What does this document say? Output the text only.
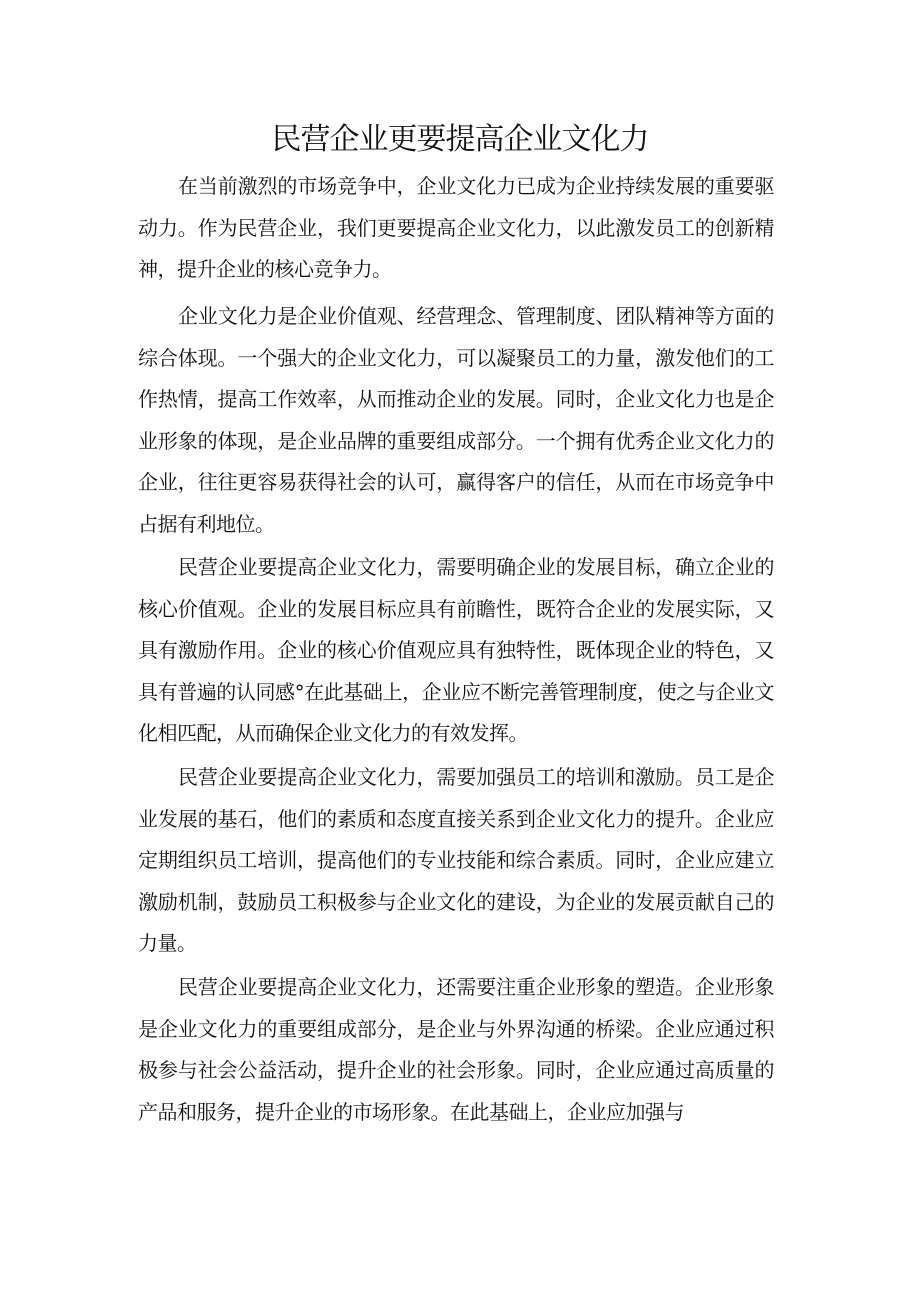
民营企业更要提高企业文化力

在当前激烈的市场竞争中，企业文化力已成为企业持续发展的重要驱动力。作为民营企业，我们更要提高企业文化力，以此激发员工的创新精神，提升企业的核心竞争力。

企业文化力是企业价值观、经营理念、管理制度、团队精神等方面的综合体现。一个强大的企业文化力，可以凝聚员工的力量，激发他们的工作热情，提高工作效率，从而推动企业的发展。同时，企业文化力也是企业形象的体现，是企业品牌的重要组成部分。一个拥有优秀企业文化力的企业，往往更容易获得社会的认可，赢得客户的信任，从而在市场竞争中占据有利地位。

民营企业要提高企业文化力，需要明确企业的发展目标，确立企业的核心价值观。企业的发展目标应具有前瞻性，既符合企业的发展实际，又具有激励作用。企业的核心价值观应具有独特性，既体现企业的特色，又具有普遍的认同感°在此基础上，企业应不断完善管理制度，使之与企业文化相匹配，从而确保企业文化力的有效发挥。

民营企业要提高企业文化力，需要加强员工的培训和激励。员工是企业发展的基石，他们的素质和态度直接关系到企业文化力的提升。企业应定期组织员工培训，提高他们的专业技能和综合素质。同时，企业应建立激励机制，鼓励员工积极参与企业文化的建设，为企业的发展贡献自己的力量。

民营企业要提高企业文化力，还需要注重企业形象的塑造。企业形象是企业文化力的重要组成部分，是企业与外界沟通的桥梁。企业应通过积极参与社会公益活动，提升企业的社会形象。同时，企业应通过高质量的产品和服务，提升企业的市场形象。在此基础上，企业应加强与
